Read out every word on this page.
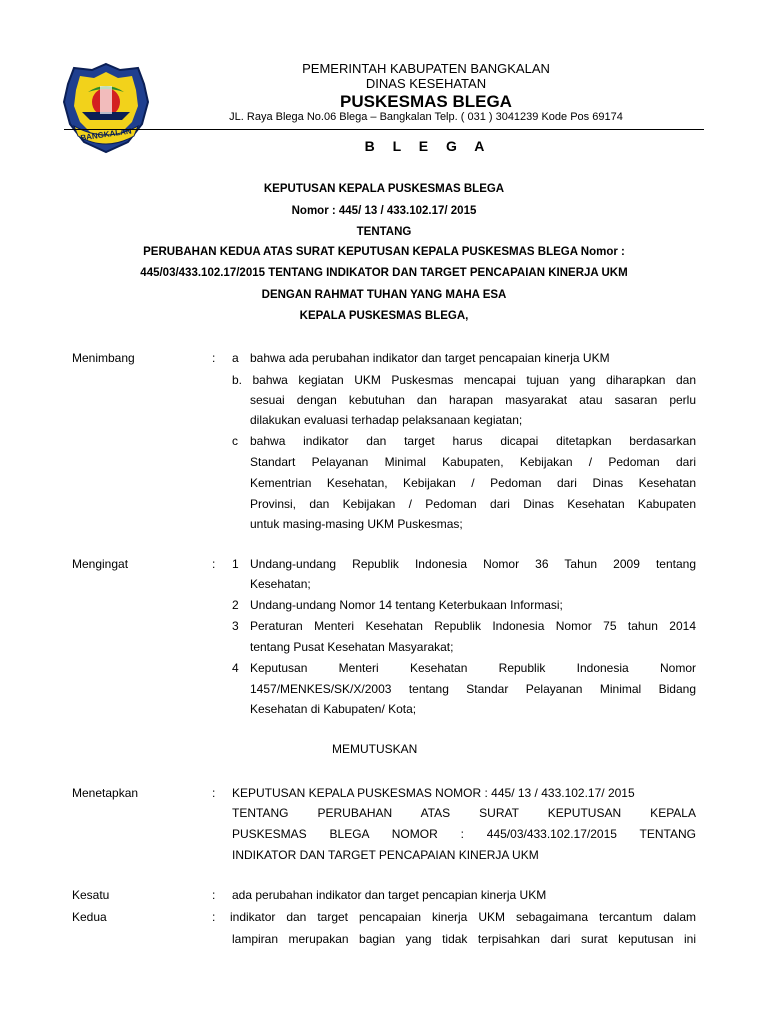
BANGKALAN
PEMERINTAH KABUPATEN BANGKALAN
DINAS KESEHATAN
PUSKESMAS BLEGA
JL. Raya Blega No.06 Blega – Bangkalan Telp. ( 031 ) 3041239 Kode Pos 69174
B L E G A
KEPUTUSAN KEPALA PUSKESMAS BLEGA
Nomor : 445/ 13 / 433.102.17/ 2015
TENTANG
PERUBAHAN KEDUA ATAS SURAT KEPUTUSAN KEPALA PUSKESMAS BLEGA Nomor :
445/03/433.102.17/2015 TENTANG INDIKATOR DAN TARGET PENCAPAIAN KINERJA UKM
DENGAN RAHMAT TUHAN YANG MAHA ESA
KEPALA PUSKESMAS BLEGA,
Menimbang	: a bahwa ada perubahan indikator dan target pencapaian kinerja UKM
b. bahwa kegiatan UKM Puskesmas mencapai tujuan yang diharapkan dan
sesuai dengan kebutuhan dan harapan masyarakat atau sasaran perlu
dilakukan evaluasi terhadap pelaksanaan kegiatan;
c bahwa indikator dan target harus dicapai ditetapkan berdasarkan
Standart Pelayanan Minimal Kabupaten, Kebijakan / Pedoman dari
Kementrian Kesehatan, Kebijakan / Pedoman dari Dinas Kesehatan
Provinsi, dan Kebijakan / Pedoman dari Dinas Kesehatan Kabupaten
untuk masing-masing UKM Puskesmas;
Mengingat	: 1 Undang-undang Republik Indonesia Nomor 36 Tahun 2009 tentang
Kesehatan;
2 Undang-undang Nomor 14 tentang Keterbukaan Informasi;
3 Peraturan Menteri Kesehatan Republik Indonesia Nomor 75 tahun 2014
tentang Pusat Kesehatan Masyarakat;
4 Keputusan Menteri Kesehatan Republik Indonesia Nomor
1457/MENKES/SK/X/2003 tentang Standar Pelayanan Minimal Bidang
Kesehatan di Kabupaten/ Kota;
MEMUTUSKAN
Menetapkan	: KEPUTUSAN KEPALA PUSKESMAS NOMOR : 445/ 13 / 433.102.17/ 2015
TENTANG PERUBAHAN ATAS SURAT KEPUTUSAN KEPALA
PUSKESMAS BLEGA NOMOR : 445/03/433.102.17/2015 TENTANG
INDIKATOR DAN TARGET PENCAPAIAN KINERJA UKM
Kesatu	: ada perubahan indikator dan target pencapian kinerja UKM
Kedua	: indikator dan target pencapaian kinerja UKM sebagaimana tercantum dalam
lampiran merupakan bagian yang tidak terpisahkan dari surat keputusan ini
